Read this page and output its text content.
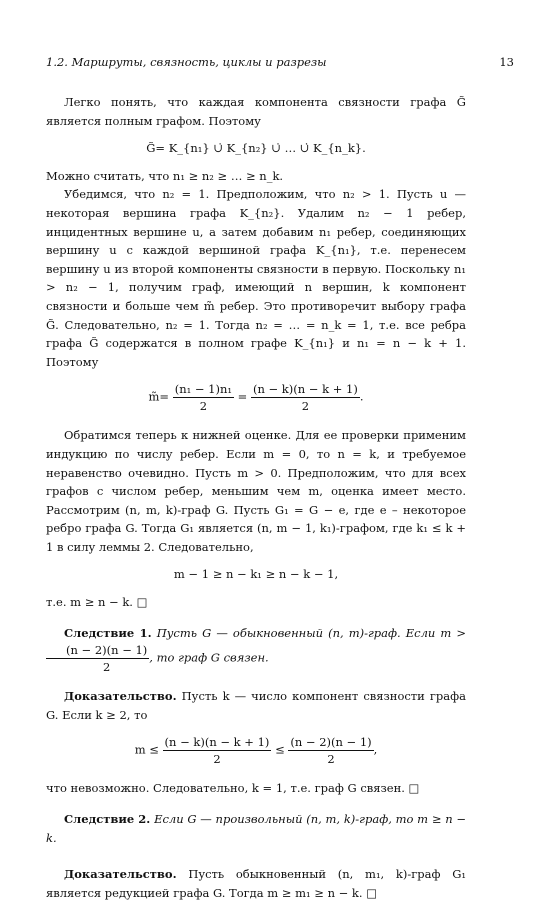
1.2. Маршруты, связность, циклы и разрезы	13

Легко понять, что каждая компонента связности графа G̃ является полным графом. Поэтому

G̃= K_{n₁} ∪̇ K_{n₂} ∪̇ … ∪̇ K_{n_k}.

Можно считать, что n₁ ≥ n₂ ≥ … ≥ n_k.

Убедимся, что n₂ = 1. Предположим, что n₂ > 1. Пусть u — некоторая вершина графа K_{n₂}. Удалим n₂ − 1 ребер, инцидентных вершине u, а затем добавим n₁ ребер, соединяющих вершину u с каждой вершиной графа K_{n₁}, т.е. перенесем вершину u из второй компоненты связности в первую. Поскольку n₁ > n₂ − 1, получим граф, имеющий n вершин, k компонент связности и больше чем m̃ ребер. Это противоречит выбору графа G̃. Следовательно, n₂ = 1. Тогда n₂ = … = n_k = 1, т.е. все ребра графа G̃ содержатся в полном графе K_{n₁} и n₁ = n − k + 1. Поэтому

m̃= $\frac{\text{(n₁ − 1)n₁}}{2} = \frac{(n - k)(n - k + 1)}{2}$ .

Обратимся теперь к нижней оценке. Для ее проверки применим индукцию по числу ребер. Если m = 0, то n = k, и требуемое неравенство очевидно. Пусть m > 0. Предположим, что для всех графов с числом ребер, меньшим чем m, оценка имеет место. Рассмотрим (n, m, k)-граф G. Пусть G₁ = G − e, где e – некоторое ребро графа G. Тогда G₁ является (n, m − 1, k₁)-графом, где k₁ ≤ k + 1 в силу леммы 2. Следовательно,

m − 1 ≥ n − k₁ ≥ n − k − 1,

т.е. m ≥ n − k. □

Следствие 1. Пусть G — обыкновенный (n, m)-граф. Если m >
$\frac{(n - 2)(n - 1)}{2}$ , то граф G связен.

Доказательство. Пусть k — число компонент связности графа G. Если k ≥ 2, то

$m \le \frac{(n - k)(n - k + 1)}{2} \le \frac{(n - 2)(n - 1)}{2}$ ,

что невозможно. Следовательно, k = 1, т.е. граф G связен. □

Следствие 2. Если G — произвольный (n, m, k)-граф, то m ≥ n − k.

Доказательство. Пусть обыкновенный (n, m₁, k)-граф G₁ является редукцией графа G. Тогда m ≥ m₁ ≥ n − k. □
